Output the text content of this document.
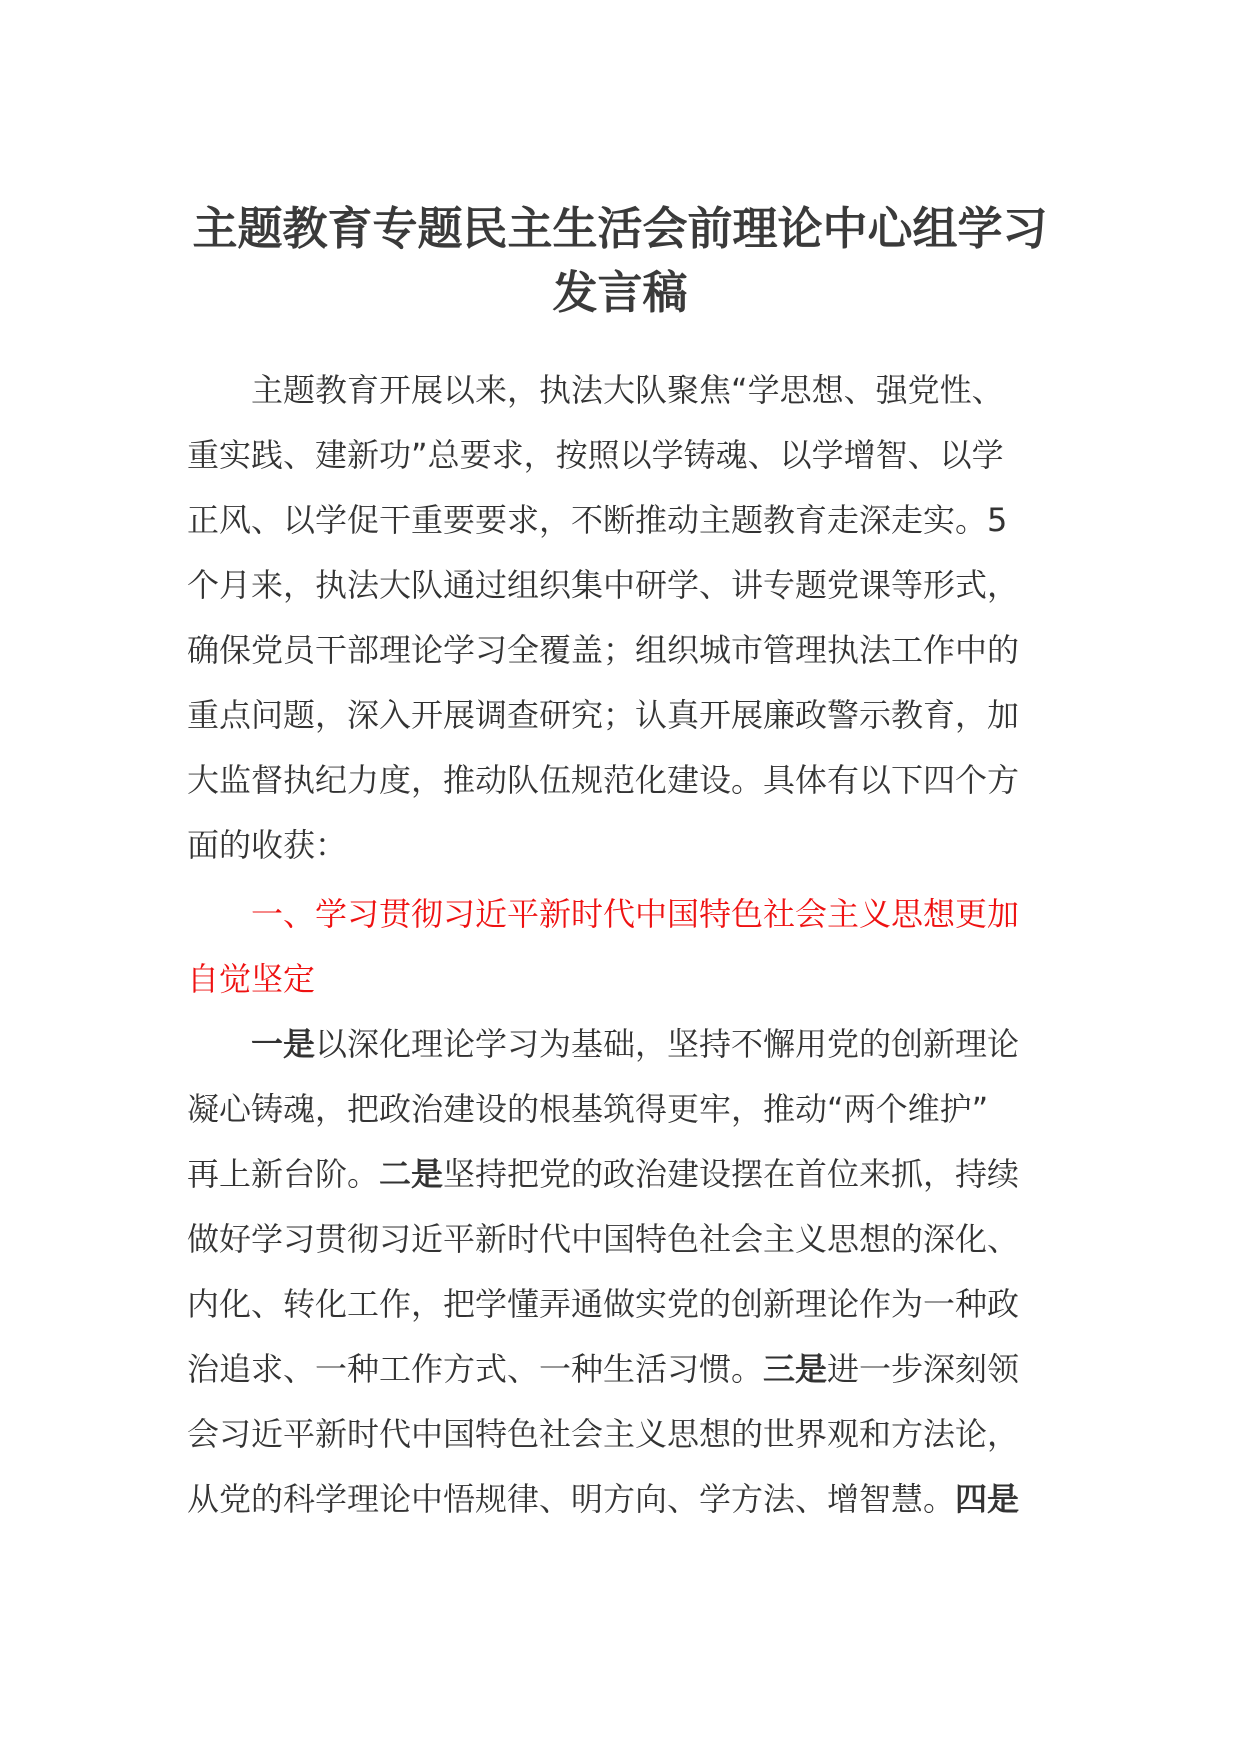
主题教育专题民主生活会前理论中心组学习
发言稿

主题教育开展以来，执法大队聚焦“学思想、强党性、
重实践、建新功”总要求，按照以学铸魂、以学增智、以学
正风、以学促干重要要求，不断推动主题教育走深走实。5
个月来，执法大队通过组织集中研学、讲专题党课等形式，
确保党员干部理论学习全覆盖；组织城市管理执法工作中的
重点问题，深入开展调查研究；认真开展廉政警示教育，加
大监督执纪力度，推动队伍规范化建设。具体有以下四个方
面的收获：

一、学习贯彻习近平新时代中国特色社会主义思想更加
自觉坚定

一是以深化理论学习为基础，坚持不懈用党的创新理论
凝心铸魂，把政治建设的根基筑得更牢，推动“两个维护”
再上新台阶。二是坚持把党的政治建设摆在首位来抓，持续
做好学习贯彻习近平新时代中国特色社会主义思想的深化、
内化、转化工作，把学懂弄通做实党的创新理论作为一种政
治追求、一种工作方式、一种生活习惯。三是进一步深刻领
会习近平新时代中国特色社会主义思想的世界观和方法论，
从党的科学理论中悟规律、明方向、学方法、增智慧。四是
